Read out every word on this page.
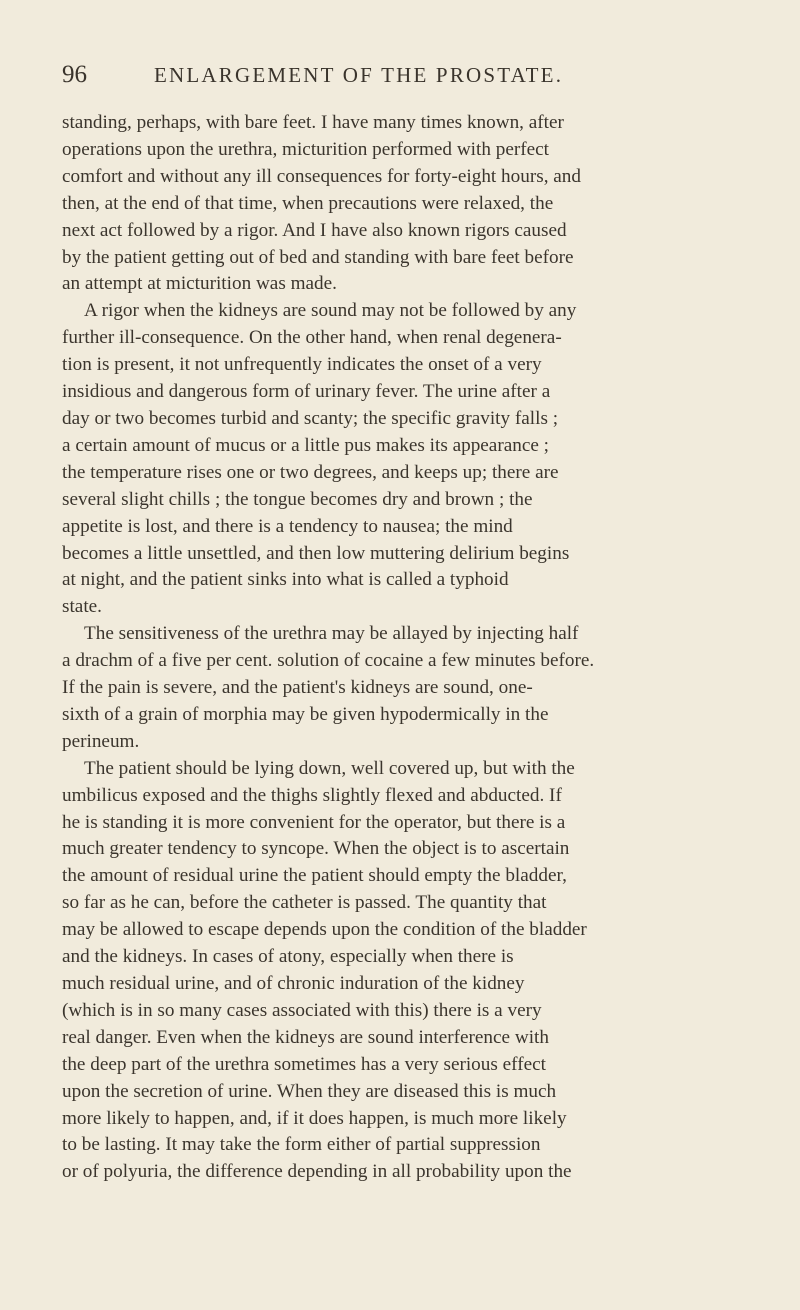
96	ENLARGEMENT OF THE PROSTATE.

standing, perhaps, with bare feet. I have many times known, after
operations upon the urethra, micturition performed with perfect
comfort and without any ill consequences for forty-eight hours, and
then, at the end of that time, when precautions were relaxed, the
next act followed by a rigor. And I have also known rigors caused
by the patient getting out of bed and standing with bare feet before
an attempt at micturition was made.

A rigor when the kidneys are sound may not be followed by any
further ill-consequence. On the other hand, when renal degenera-
tion is present, it not unfrequently indicates the onset of a very
insidious and dangerous form of urinary fever. The urine after a
day or two becomes turbid and scanty; the specific gravity falls ;
a certain amount of mucus or a little pus makes its appearance ;
the temperature rises one or two degrees, and keeps up; there are
several slight chills ; the tongue becomes dry and brown ; the
appetite is lost, and there is a tendency to nausea; the mind
becomes a little unsettled, and then low muttering delirium begins
at night, and the patient sinks into what is called a typhoid
state.

The sensitiveness of the urethra may be allayed by injecting half
a drachm of a five per cent. solution of cocaine a few minutes before.
If the pain is severe, and the patient's kidneys are sound, one-
sixth of a grain of morphia may be given hypodermically in the
perineum.

The patient should be lying down, well covered up, but with the
umbilicus exposed and the thighs slightly flexed and abducted. If
he is standing it is more convenient for the operator, but there is a
much greater tendency to syncope. When the object is to ascertain
the amount of residual urine the patient should empty the bladder,
so far as he can, before the catheter is passed. The quantity that
may be allowed to escape depends upon the condition of the bladder
and the kidneys. In cases of atony, especially when there is
much residual urine, and of chronic induration of the kidney
(which is in so many cases associated with this) there is a very
real danger. Even when the kidneys are sound interference with
the deep part of the urethra sometimes has a very serious effect
upon the secretion of urine. When they are diseased this is much
more likely to happen, and, if it does happen, is much more likely
to be lasting. It may take the form either of partial suppression
or of polyuria, the difference depending in all probability upon the
